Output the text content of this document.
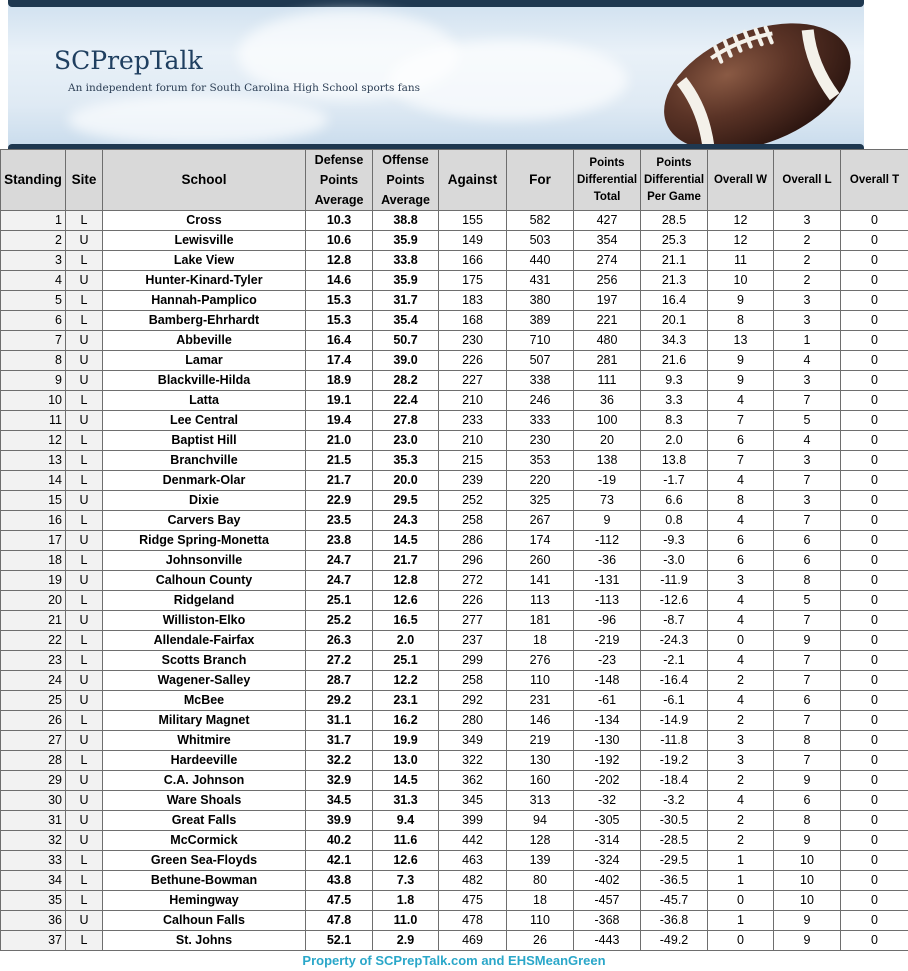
SCPrepTalk
An independent forum for South Carolina High School sports fans
Standing	Site	School	Defense Points Average	Offense Points Average	Against	For	Points Differential Total	Points Differential Per Game	Overall W	Overall L	Overall T
1	L	Cross	10.3	38.8	155	582	427	28.5	12	3	0
2	U	Lewisville	10.6	35.9	149	503	354	25.3	12	2	0
3	L	Lake View	12.8	33.8	166	440	274	21.1	11	2	0
4	U	Hunter-Kinard-Tyler	14.6	35.9	175	431	256	21.3	10	2	0
5	L	Hannah-Pamplico	15.3	31.7	183	380	197	16.4	9	3	0
6	L	Bamberg-Ehrhardt	15.3	35.4	168	389	221	20.1	8	3	0
7	U	Abbeville	16.4	50.7	230	710	480	34.3	13	1	0
8	U	Lamar	17.4	39.0	226	507	281	21.6	9	4	0
9	U	Blackville-Hilda	18.9	28.2	227	338	111	9.3	9	3	0
10	L	Latta	19.1	22.4	210	246	36	3.3	4	7	0
11	U	Lee Central	19.4	27.8	233	333	100	8.3	7	5	0
12	L	Baptist Hill	21.0	23.0	210	230	20	2.0	6	4	0
13	L	Branchville	21.5	35.3	215	353	138	13.8	7	3	0
14	L	Denmark-Olar	21.7	20.0	239	220	-19	-1.7	4	7	0
15	U	Dixie	22.9	29.5	252	325	73	6.6	8	3	0
16	L	Carvers Bay	23.5	24.3	258	267	9	0.8	4	7	0
17	U	Ridge Spring-Monetta	23.8	14.5	286	174	-112	-9.3	6	6	0
18	L	Johnsonville	24.7	21.7	296	260	-36	-3.0	6	6	0
19	U	Calhoun County	24.7	12.8	272	141	-131	-11.9	3	8	0
20	L	Ridgeland	25.1	12.6	226	113	-113	-12.6	4	5	0
21	U	Williston-Elko	25.2	16.5	277	181	-96	-8.7	4	7	0
22	L	Allendale-Fairfax	26.3	2.0	237	18	-219	-24.3	0	9	0
23	L	Scotts Branch	27.2	25.1	299	276	-23	-2.1	4	7	0
24	U	Wagener-Salley	28.7	12.2	258	110	-148	-16.4	2	7	0
25	U	McBee	29.2	23.1	292	231	-61	-6.1	4	6	0
26	L	Military Magnet	31.1	16.2	280	146	-134	-14.9	2	7	0
27	U	Whitmire	31.7	19.9	349	219	-130	-11.8	3	8	0
28	L	Hardeeville	32.2	13.0	322	130	-192	-19.2	3	7	0
29	U	C.A. Johnson	32.9	14.5	362	160	-202	-18.4	2	9	0
30	U	Ware Shoals	34.5	31.3	345	313	-32	-3.2	4	6	0
31	U	Great Falls	39.9	9.4	399	94	-305	-30.5	2	8	0
32	U	McCormick	40.2	11.6	442	128	-314	-28.5	2	9	0
33	L	Green Sea-Floyds	42.1	12.6	463	139	-324	-29.5	1	10	0
34	L	Bethune-Bowman	43.8	7.3	482	80	-402	-36.5	1	10	0
35	L	Hemingway	47.5	1.8	475	18	-457	-45.7	0	10	0
36	U	Calhoun Falls	47.8	11.0	478	110	-368	-36.8	1	9	0
37	L	St. Johns	52.1	2.9	469	26	-443	-49.2	0	9	0
Property of SCPrepTalk.com and EHSMeanGreen
